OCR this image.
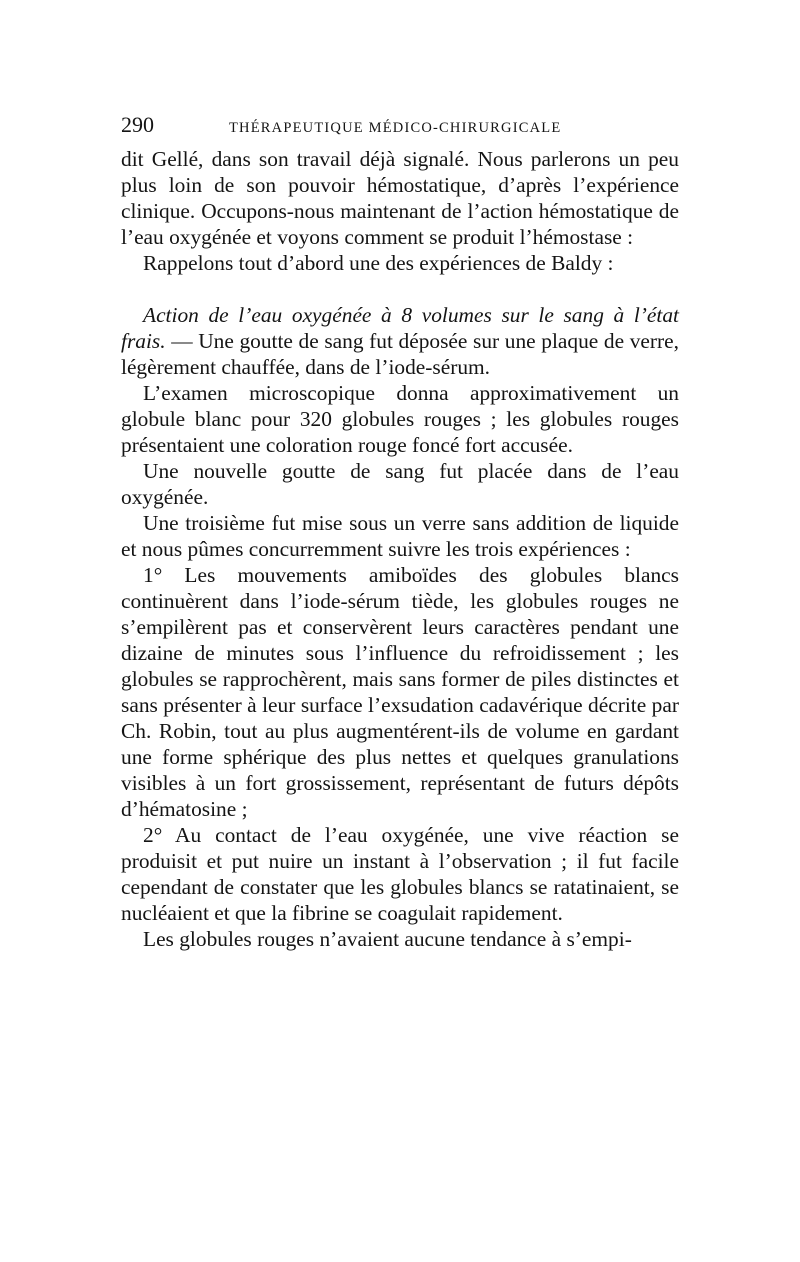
290	THÉRAPEUTIQUE MÉDICO-CHIRURGICALE

dit Gellé, dans son travail déjà signalé. Nous parlerons un peu plus loin de son pouvoir hémostatique, d’après l’expérience clinique. Occupons-nous maintenant de l’action hémostatique de l’eau oxygénée et voyons comment se produit l’hémostase :

Rappelons tout d’abord une des expériences de Baldy :

Action de l’eau oxygénée à 8 volumes sur le sang à l’état frais. — Une goutte de sang fut déposée sur une plaque de verre, légèrement chauffée, dans de l’iode-sérum.

L’examen microscopique donna approximativement un globule blanc pour 320 globules rouges ; les globules rouges présentaient une coloration rouge foncé fort accusée.

Une nouvelle goutte de sang fut placée dans de l’eau oxygénée.

Une troisième fut mise sous un verre sans addition de liquide et nous pûmes concurremment suivre les trois expériences :

1° Les mouvements amiboïdes des globules blancs continuèrent dans l’iode-sérum tiède, les globules rouges ne s’empilèrent pas et conservèrent leurs caractères pendant une dizaine de minutes sous l’influence du refroidissement ; les globules se rapprochèrent, mais sans former de piles distinctes et sans présenter à leur surface l’exsudation cadavérique décrite par Ch. Robin, tout au plus augmentérent-ils de volume en gardant une forme sphérique des plus nettes et quelques granulations visibles à un fort grossissement, représentant de futurs dépôts d’hématosine ;

2° Au contact de l’eau oxygénée, une vive réaction se produisit et put nuire un instant à l’observation ; il fut facile cependant de constater que les globules blancs se ratatinaient, se nucléaient et que la fibrine se coagulait rapidement.

Les globules rouges n’avaient aucune tendance à s’empi-
